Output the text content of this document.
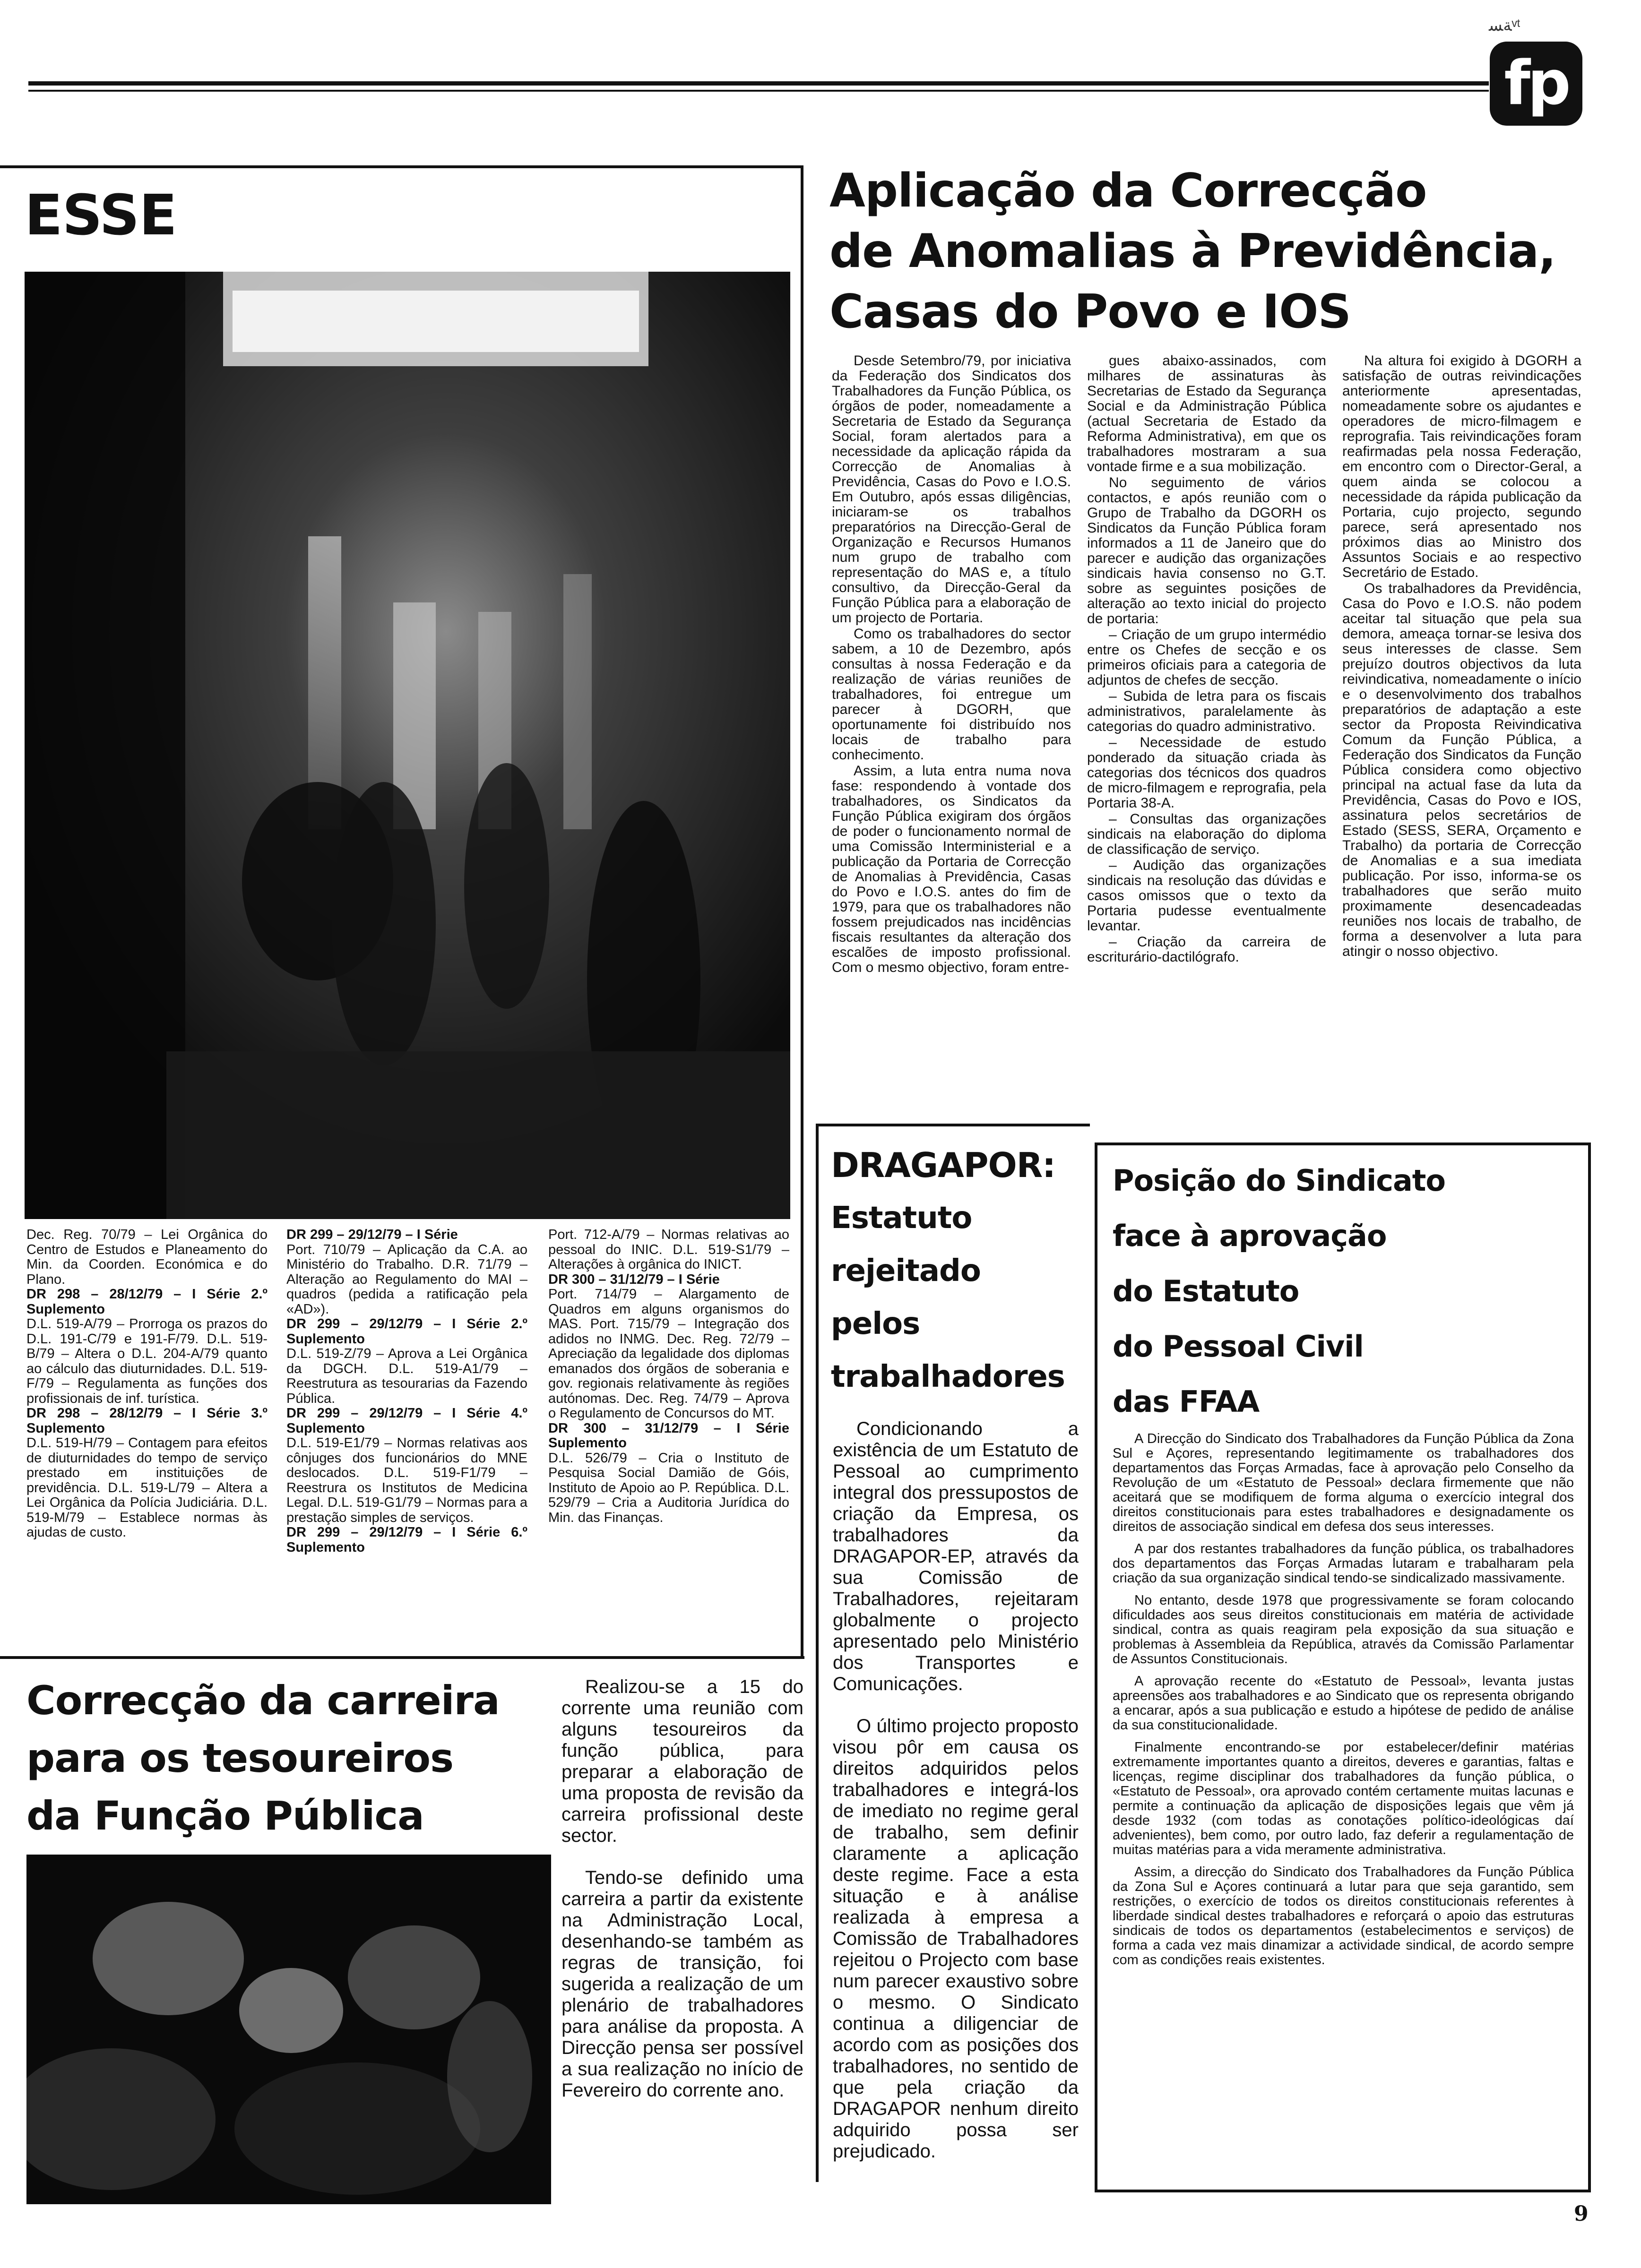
fp
ﺔﺴ‎ᵛ‎ᵗ
ESSE

Dec. Reg. 70/79 – Lei Orgânica do Centro de Estudos e Planeamento do Min. da Coorden. Económica e do Plano.

DR 298 – 28/12/79 – I Série 2.º Suplemento

D.L. 519-A/79 – Prorroga os prazos do D.L. 191-C/79 e 191-F/79. D.L. 519-B/79 – Altera o D.L. 204-A/79 quanto ao cálculo das diuturnidades. D.L. 519-F/79 – Regulamenta as funções dos profissionais de inf. turística.

DR 298 – 28/12/79 – I Série 3.º Suplemento

D.L. 519-H/79 – Contagem para efeitos de diuturnidades do tempo de serviço prestado em instituições de previdência. D.L. 519-L/79 – Altera a Lei Orgânica da Polícia Judiciária. D.L. 519-M/79 – Establece normas às ajudas de custo.

DR 299 – 29/12/79 – I Série

Port. 710/79 – Aplicação da C.A. ao Ministério do Trabalho. D.R. 71/79 – Alteração ao Regulamento do MAI – quadros (pedida a ratificação pela «AD»).

DR 299 – 29/12/79 – I Série 2.º Suplemento

D.L. 519-Z/79 – Aprova a Lei Orgânica da DGCH. D.L. 519-A1/79 – Reestrutura as tesourarias da Fazendo Pública.

DR 299 – 29/12/79 – I Série 4.º Suplemento

D.L. 519-E1/79 – Normas relativas aos cônjuges dos funcionários do MNE deslocados. D.L. 519-F1/79 – Reestrura os Institutos de Medicina Legal. D.L. 519-G1/79 – Normas para a prestação simples de serviços.

DR 299 – 29/12/79 – I Série 6.º Suplemento

Port. 712-A/79 – Normas relativas ao pessoal do INIC. D.L. 519-S1/79 – Alterações à orgânica do INICT.

DR 300 – 31/12/79 – I Série

Port. 714/79 – Alargamento de Quadros em alguns organismos do MAS. Port. 715/79 – Integração dos adidos no INMG. Dec. Reg. 72/79 – Apreciação da legalidade dos diplomas emanados dos órgãos de soberania e gov. regionais relativamente às regiões autónomas. Dec. Reg. 74/79 – Aprova o Regulamento de Concursos do MT.

DR 300 – 31/12/79 – I Série Suplemento

D.L. 526/79 – Cria o Instituto de Pesquisa Social Damião de Góis, Instituto de Apoio ao P. República. D.L. 529/79 – Cria a Auditoria Jurídica do Min. das Finanças.

Aplicação da Correcção
de Anomalias à Previdência,
Casas do Povo e IOS

Desde Setembro/79, por iniciativa da Federação dos Sindicatos dos Trabalhadores da Função Pública, os órgãos de poder, nomeadamente a Secretaria de Estado da Segurança Social, foram alertados para a necessidade da aplicação rápida da Correcção de Anomalias à Previdência, Casas do Povo e I.O.S. Em Outubro, após essas diligências, iniciaram-se os trabalhos preparatórios na Direcção-Geral de Organização e Recursos Humanos num grupo de trabalho com representação do MAS e, a título consultivo, da Direcção-Geral da Função Pública para a elaboração de um projecto de Portaria.

Como os trabalhadores do sector sabem, a 10 de Dezembro, após consultas à nossa Federação e da realização de várias reuniões de trabalhadores, foi entregue um parecer à DGORH, que oportunamente foi distribuído nos locais de trabalho para conhecimento.

Assim, a luta entra numa nova fase: respondendo à vontade dos trabalhadores, os Sindicatos da Função Pública exigiram dos órgãos de poder o funcionamento normal de uma Comissão Interministerial e a publicação da Portaria de Correcção de Anomalias à Previdência, Casas do Povo e I.O.S. antes do fim de 1979, para que os trabalhadores não fossem prejudicados nas incidências fiscais resultantes da alteração dos escalões de imposto profissional. Com o mesmo objectivo, foram entre-

gues abaixo-assinados, com milhares de assinaturas às Secretarias de Estado da Segurança Social e da Administração Pública (actual Secretaria de Estado da Reforma Administrativa), em que os trabalhadores mostraram a sua vontade firme e a sua mobilização.

No seguimento de vários contactos, e após reunião com o Grupo de Trabalho da DGORH os Sindicatos da Função Pública foram informados a 11 de Janeiro que do parecer e audição das organizações sindicais havia consenso no G.T. sobre as seguintes posições de alteração ao texto inicial do projecto de portaria:

– Criação de um grupo intermédio entre os Chefes de secção e os primeiros oficiais para a categoria de adjuntos de chefes de secção.

– Subida de letra para os fiscais administrativos, paralelamente às categorias do quadro administrativo.

– Necessidade de estudo ponderado da situação criada às categorias dos técnicos dos quadros de micro-filmagem e reprografia, pela Portaria 38-A.

– Consultas das organizações sindicais na elaboração do diploma de classificação de serviço.

– Audição das organizações sindicais na resolução das dúvidas e casos omissos que o texto da Portaria pudesse eventualmente levantar.

– Criação da carreira de escriturário-dactilógrafo.

Na altura foi exigido à DGORH a satisfação de outras reivindicações anteriormente apresentadas, nomeadamente sobre os ajudantes e operadores de micro-filmagem e reprografia. Tais reivindicações foram reafirmadas pela nossa Federação, em encontro com o Director-Geral, a quem ainda se colocou a necessidade da rápida publicação da Portaria, cujo projecto, segundo parece, será apresentado nos próximos dias ao Ministro dos Assuntos Sociais e ao respectivo Secretário de Estado.

Os trabalhadores da Previdência, Casa do Povo e I.O.S. não podem aceitar tal situação que pela sua demora, ameaça tornar-se lesiva dos seus interesses de classe. Sem prejuízo doutros objectivos da luta reivindicativa, nomeadamente o início e o desenvolvimento dos trabalhos preparatórios de adaptação a este sector da Proposta Reivindicativa Comum da Função Pública, a Federação dos Sindicatos da Função Pública considera como objectivo principal na actual fase da luta da Previdência, Casas do Povo e IOS, assinatura pelos secretários de Estado (SESS, SERA, Orçamento e Trabalho) da portaria de Correcção de Anomalias e a sua imediata publicação. Por isso, informa-se os trabalhadores que serão muito proximamente desencadeadas reuniões nos locais de trabalho, de forma a desenvolver a luta para atingir o nosso objectivo.

DRAGAPOR:
Estatuto
rejeitado
pelos
trabalhadores

Condicionando a existência de um Estatuto de Pessoal ao cumprimento integral dos pressupostos de criação da Empresa, os trabalhadores da DRAGAPOR-EP, através da sua Comissão de Trabalhadores, rejeitaram globalmente o projecto apresentado pelo Ministério dos Transportes e Comunicações.

O último projecto proposto visou pôr em causa os direitos adquiridos pelos trabalhadores e integrá-los de imediato no regime geral de trabalho, sem definir claramente a aplicação deste regime. Face a esta situação e à análise realizada à empresa a Comissão de Trabalhadores rejeitou o Projecto com base num parecer exaustivo sobre o mesmo. O Sindicato continua a diligenciar de acordo com as posições dos trabalhadores, no sentido de que pela criação da DRAGAPOR nenhum direito adquirido possa ser prejudicado.

Posição do Sindicato
face à aprovação
do Estatuto
do Pessoal Civil
das FFAA

A Direcção do Sindicato dos Trabalhadores da Função Pública da Zona Sul e Açores, representando legitimamente os trabalhadores dos departamentos das Forças Armadas, face à aprovação pelo Conselho da Revolução de um «Estatuto de Pessoal» declara firmemente que não aceitará que se modifiquem de forma alguma o exercício integral dos direitos constitucionais para estes trabalhadores e designadamente os direitos de associação sindical em defesa dos seus interesses.

A par dos restantes trabalhadores da função pública, os trabalhadores dos departamentos das Forças Armadas lutaram e trabalharam pela criação da sua organização sindical tendo-se sindicalizado massivamente.

No entanto, desde 1978 que progressivamente se foram colocando dificuldades aos seus direitos constitucionais em matéria de actividade sindical, contra as quais reagiram pela exposição da sua situação e problemas à Assembleia da República, através da Comissão Parlamentar de Assuntos Constitucionais.

A aprovação recente do «Estatuto de Pessoal», levanta justas apreensões aos trabalhadores e ao Sindicato que os representa obrigando a encarar, após a sua publicação e estudo a hipótese de pedido de análise da sua constitucionalidade.

Finalmente encontrando-se por estabelecer/definir matérias extremamente importantes quanto a direitos, deveres e garantias, faltas e licenças, regime disciplinar dos trabalhadores da função pública, o «Estatuto de Pessoal», ora aprovado contém certamente muitas lacunas e permite a continuação da aplicação de disposições legais que vêm já desde 1932 (com todas as conotações político-ideológicas daí advenientes), bem como, por outro lado, faz deferir a regulamentação de muitas matérias para a vida meramente administrativa.

Assim, a direcção do Sindicato dos Trabalhadores da Função Pública da Zona Sul e Açores continuará a lutar para que seja garantido, sem restrições, o exercício de todos os direitos constitucionais referentes à liberdade sindical destes trabalhadores e reforçará o apoio das estruturas sindicais de todos os departamentos (estabelecimentos e serviços) de forma a cada vez mais dinamizar a actividade sindical, de acordo sempre com as condições reais existentes.

Correcção da carreira
para os tesoureiros
da Função Pública

Realizou-se a 15 do corrente uma reunião com alguns tesoureiros da função pública, para preparar a elaboração de uma proposta de revisão da carreira profissional deste sector.

Tendo-se definido uma carreira a partir da existente na Administração Local, desenhando-se também as regras de transição, foi sugerida a realização de um plenário de trabalhadores para análise da proposta. A Direcção pensa ser possível a sua realização no início de Fevereiro do corrente ano.

9
